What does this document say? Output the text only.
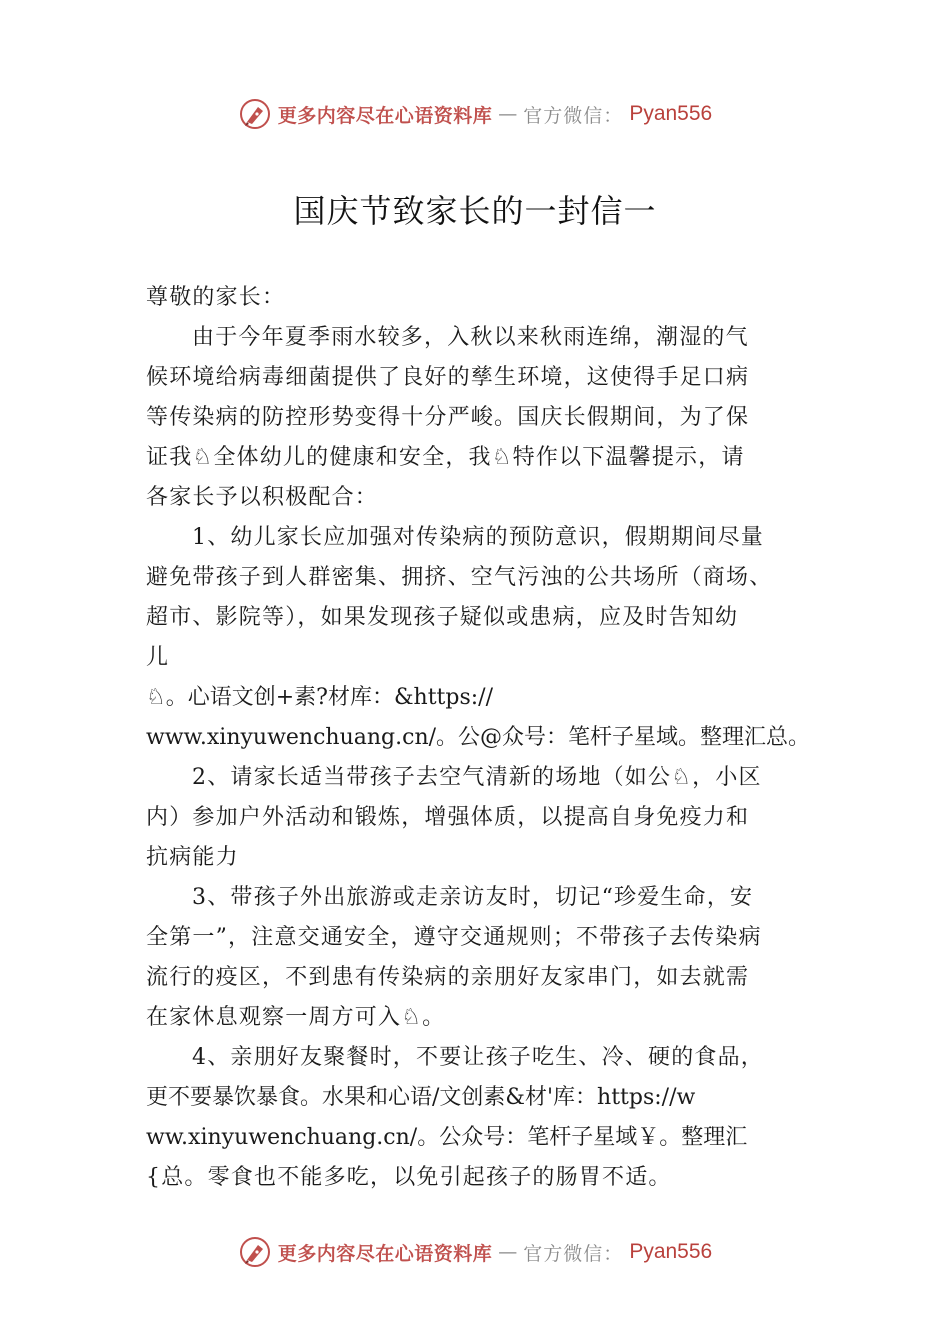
更多内容尽在心语资料库 — 官方微信： Pyan556
国庆节致家长的一封信一
尊敬的家长：
由于今年夏季雨水较多，入秋以来秋雨连绵，潮湿的气
候环境给病毒细菌提供了良好的孳生环境，这使得手足口病
等传染病的防控形势变得十分严峻。国庆长假期间，为了保
证我♘全体幼儿的健康和安全，我♘特作以下温馨提示，请
各家长予以积极配合：
1、幼儿家长应加强对传染病的预防意识，假期期间尽量
避免带孩子到人群密集、拥挤、空气污浊的公共场所（商场、
超市、影院等），如果发现孩子疑似或患病，应及时告知幼
儿
♘。心语文创+素?材库：&https://
www.xinyuwenchuang.cn/。公@众号：笔杆子星域。整理汇总。
2、请家长适当带孩子去空气清新的场地（如公♘，小区
内）参加户外活动和锻炼，增强体质，以提高自身免疫力和
抗病能力
3、带孩子外出旅游或走亲访友时，切记“珍爱生命，安
全第一”，注意交通安全，遵守交通规则；不带孩子去传染病
流行的疫区，不到患有传染病的亲朋好友家串门，如去就需
在家休息观察一周方可入♘。
4、亲朋好友聚餐时，不要让孩子吃生、冷、硬的食品，
更不要暴饮暴食。水果和心语/文创素&材'库：https://w
ww.xinyuwenchuang.cn/。公众号：笔杆子星域￥。整理汇
{总。零食也不能多吃，以免引起孩子的肠胃不适。
更多内容尽在心语资料库 — 官方微信： Pyan556
